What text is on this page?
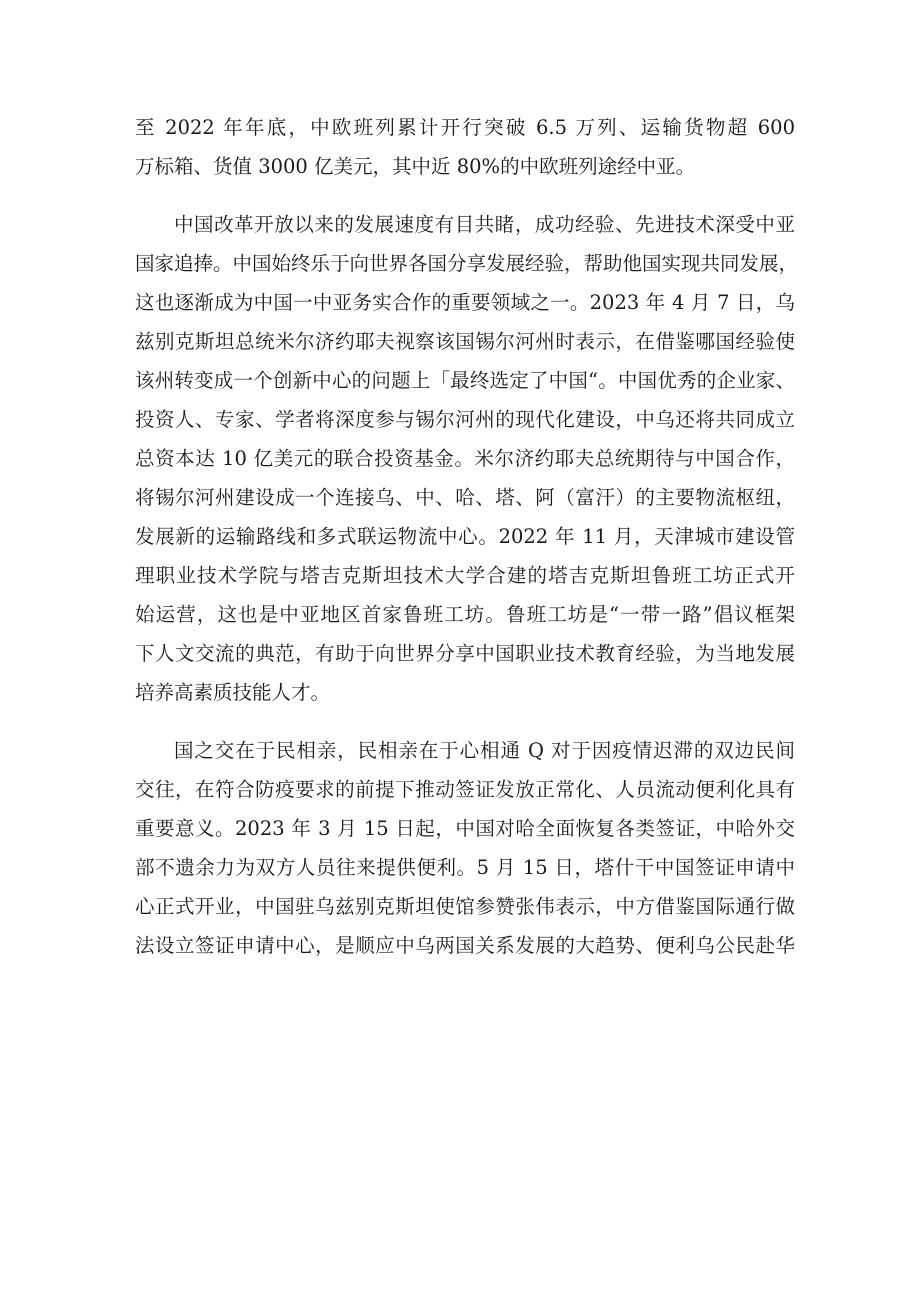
至 2022 年年底，中欧班列累计开行突破 6.5 万列、运输货物超 600
万标箱、货值 3000 亿美元，其中近 80%的中欧班列途经中亚。
中国改革开放以来的发展速度有目共睹，成功经验、先进技术深受中亚
国家追捧。中国始终乐于向世界各国分享发展经验，帮助他国实现共同发展，
这也逐渐成为中国一中亚务实合作的重要领域之一。2023 年 4 月 7 日，乌
兹别克斯坦总统米尔济约耶夫视察该国锡尔河州时表示，在借鉴哪国经验使
该州转变成一个创新中心的问题上「最终选定了中国“。中国优秀的企业家、
投资人、专家、学者将深度参与锡尔河州的现代化建设，中乌还将共同成立
总资本达 10 亿美元的联合投资基金。米尔济约耶夫总统期待与中国合作，
将锡尔河州建设成一个连接乌、中、哈、塔、阿（富汗）的主要物流枢纽，
发展新的运输路线和多式联运物流中心。2022 年 11 月，天津城市建设管
理职业技术学院与塔吉克斯坦技术大学合建的塔吉克斯坦鲁班工坊正式开
始运营，这也是中亚地区首家鲁班工坊。鲁班工坊是“一带一路”倡议框架
下人文交流的典范，有助于向世界分享中国职业技术教育经验，为当地发展
培养高素质技能人才。
国之交在于民相亲，民相亲在于心相通 Q 对于因疫情迟滞的双边民间
交往，在符合防疫要求的前提下推动签证发放正常化、人员流动便利化具有
重要意义。2023 年 3 月 15 日起，中国对哈全面恢复各类签证，中哈外交
部不遗余力为双方人员往来提供便利。5 月 15 日，塔什干中国签证申请中
心正式开业，中国驻乌兹别克斯坦使馆参赞张伟表示，中方借鉴国际通行做
法设立签证申请中心，是顺应中乌两国关系发展的大趋势、便利乌公民赴华
